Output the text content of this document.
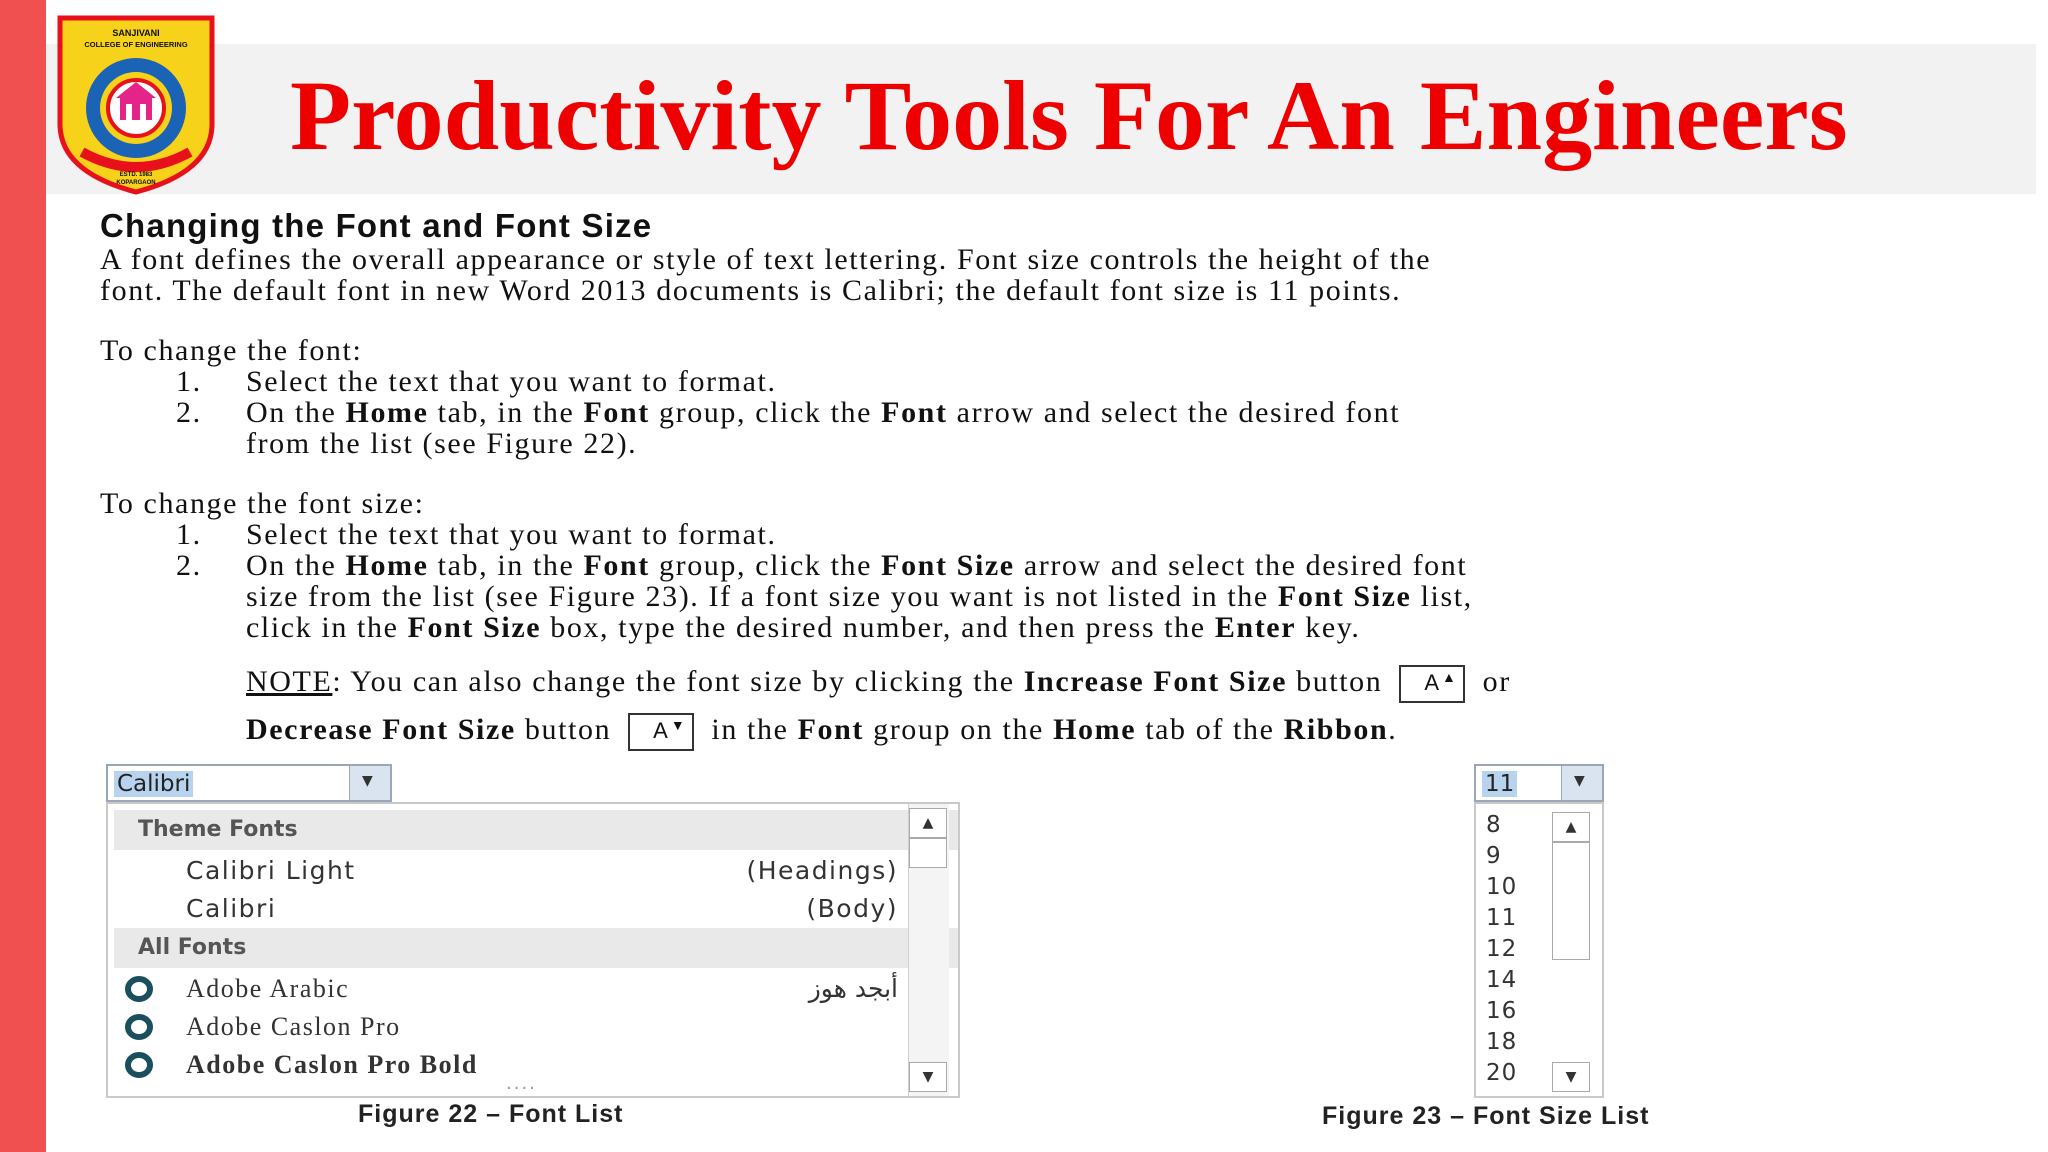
SANJIVANI
COLLEGE OF ENGINEERING
ESTD. 1983
KOPARGAON
Productivity Tools For An Engineers
Changing the Font and Font Size

A font defines the overall appearance or style of text lettering. Font size controls the height of the

font. The default font in new Word 2013 documents is Calibri; the default font size is 11 points.

To change the font:

1.	Select the text that you want to format.
2.	On the Home tab, in the Font group, click the Font arrow and select the desired font
from the list (see Figure 22).

To change the font size:

1.	Select the text that you want to format.
2.	On the Home tab, in the Font group, click the Font Size arrow and select the desired font
size from the list (see Figure 23). If a font size you want is not listed in the Font Size list,
click in the Font Size box, type the desired number, and then press the Enter key.
NOTE: You can also change the font size by clicking the Increase Font Size button A ▲ or
Decrease Font Size button A ▼ in the Font group on the Home tab of the Ribbon.
Calibri	▼
Theme Fonts
Calibri Light	(Headings)
Calibri	(Body)
All Fonts
Adobe Arabic	أبجد هوز
Adobe Caslon Pro
Adobe Caslon Pro Bold
▲
▼
····
Figure 22 – Font List
11	▼
8
9
10
11
12
14
16
18
20
▲
▼
Figure 23 – Font Size List
